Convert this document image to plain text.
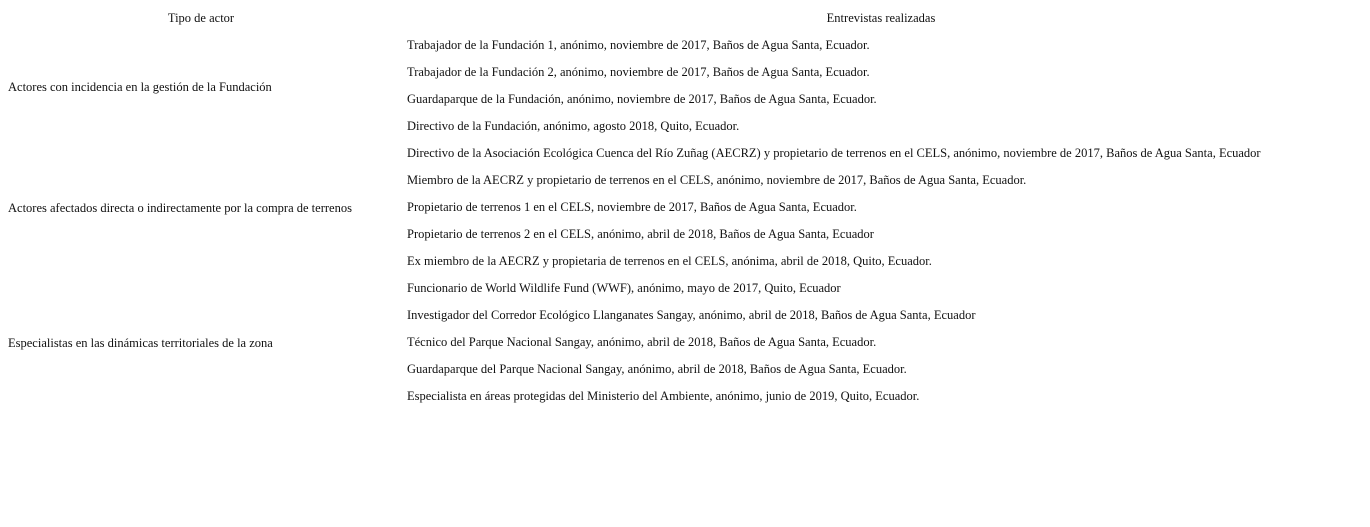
Tipo de actor	Entrevistas realizadas
Actores con incidencia en la gestión de la Fundación
Trabajador de la Fundación 1, anónimo, noviembre de 2017, Baños de Agua Santa, Ecuador.
Trabajador de la Fundación 2, anónimo, noviembre de 2017, Baños de Agua Santa, Ecuador.
Guardaparque de la Fundación, anónimo, noviembre de 2017, Baños de Agua Santa, Ecuador.
Directivo de la Fundación, anónimo, agosto 2018, Quito, Ecuador.
Actores afectados directa o indirectamente por la compra de terrenos
Directivo de la Asociación Ecológica Cuenca del Río Zuñag (AECRZ) y propietario de terrenos en el CELS, anónimo, noviembre de 2017, Baños de Agua Santa, Ecuador
Miembro de la AECRZ y propietario de terrenos en el CELS, anónimo, noviembre de 2017, Baños de Agua Santa, Ecuador.
Propietario de terrenos 1 en el CELS, noviembre de 2017, Baños de Agua Santa, Ecuador.
Propietario de terrenos 2 en el CELS, anónimo, abril de 2018, Baños de Agua Santa, Ecuador
Ex miembro de la AECRZ y propietaria de terrenos en el CELS, anónima, abril de 2018, Quito, Ecuador.
Especialistas en las dinámicas territoriales de la zona
Funcionario de World Wildlife Fund (WWF), anónimo, mayo de 2017, Quito, Ecuador
Investigador del Corredor Ecológico Llanganates Sangay, anónimo, abril de 2018, Baños de Agua Santa, Ecuador
Técnico del Parque Nacional Sangay, anónimo, abril de 2018, Baños de Agua Santa, Ecuador.
Guardaparque del Parque Nacional Sangay, anónimo, abril de 2018, Baños de Agua Santa, Ecuador.
Especialista en áreas protegidas del Ministerio del Ambiente, anónimo, junio de 2019, Quito, Ecuador.
